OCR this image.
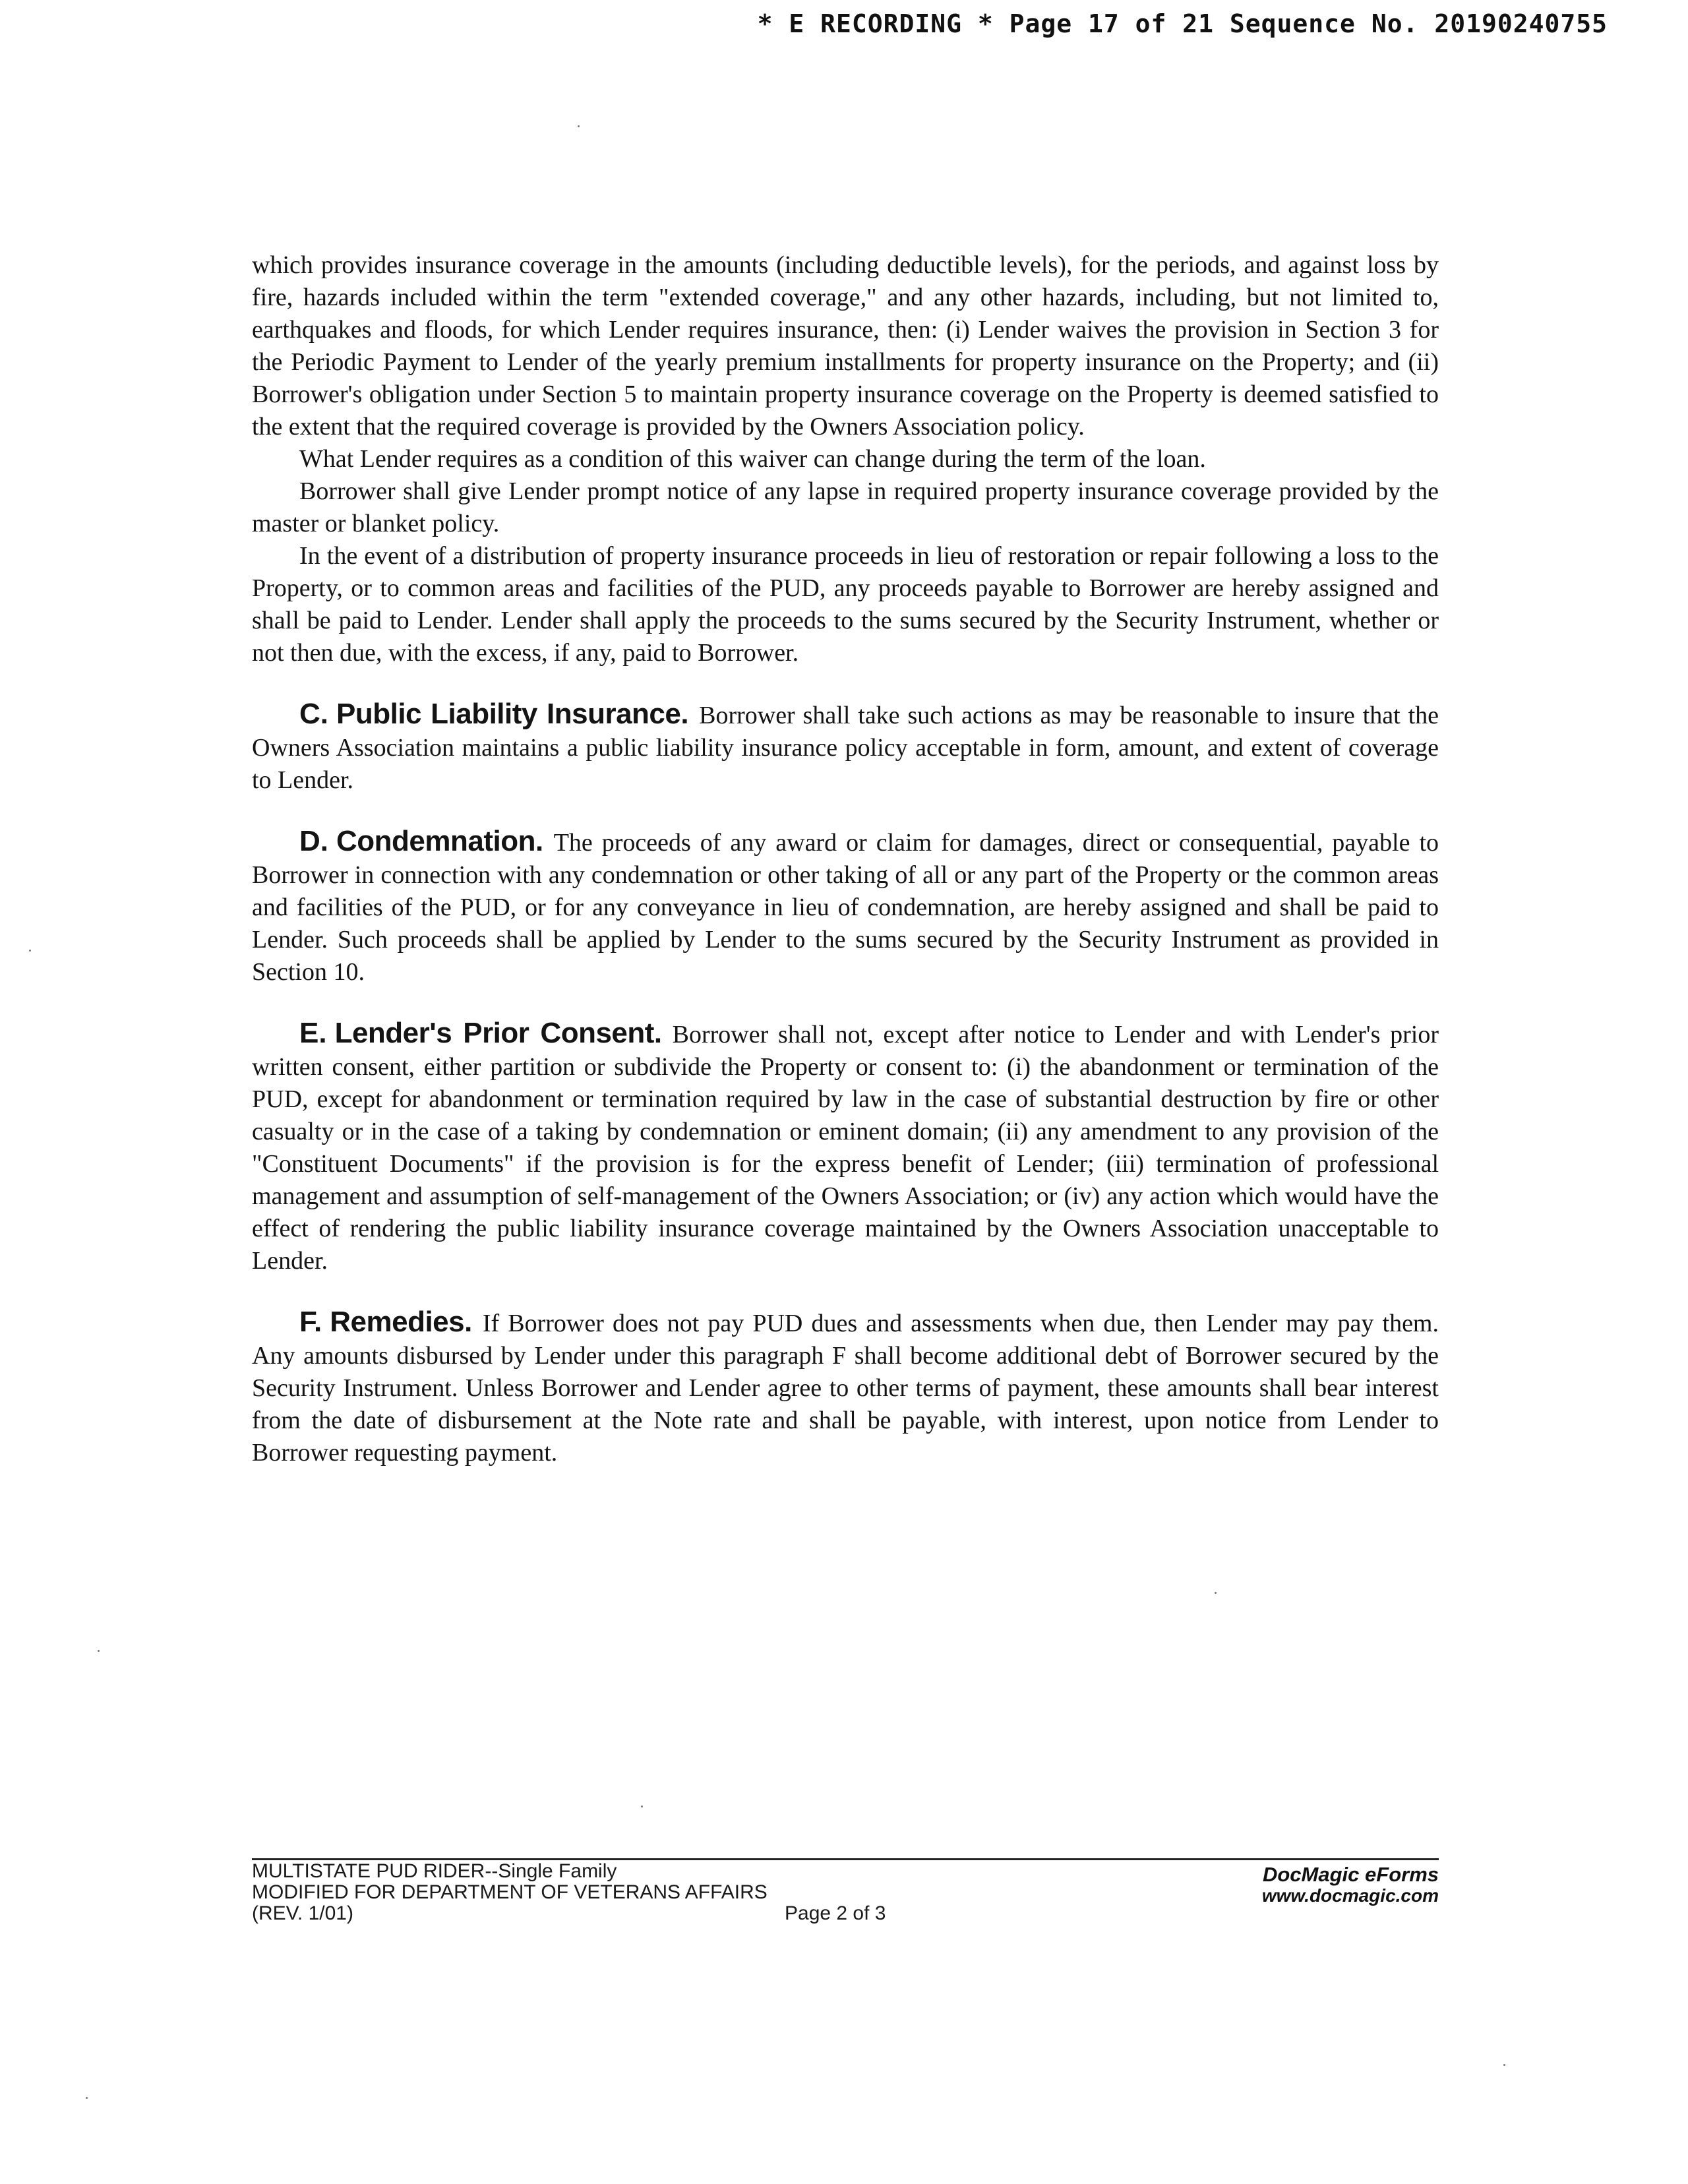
* E RECORDING * Page 17 of 21 Sequence No. 20190240755

which provides insurance coverage in the amounts (including deductible levels), for the periods, and against loss by fire, hazards included within the term "extended coverage," and any other hazards, including, but not limited to, earthquakes and floods, for which Lender requires insurance, then: (i) Lender waives the provision in Section 3 for the Periodic Payment to Lender of the yearly premium installments for property insurance on the Property; and (ii) Borrower's obligation under Section 5 to maintain property insurance coverage on the Property is deemed satisfied to the extent that the required coverage is provided by the Owners Association policy.

What Lender requires as a condition of this waiver can change during the term of the loan.

Borrower shall give Lender prompt notice of any lapse in required property insurance coverage provided by the master or blanket policy.

In the event of a distribution of property insurance proceeds in lieu of restoration or repair following a loss to the Property, or to common areas and facilities of the PUD, any proceeds payable to Borrower are hereby assigned and shall be paid to Lender. Lender shall apply the proceeds to the sums secured by the Security Instrument, whether or not then due, with the excess, if any, paid to Borrower.

C. Public Liability Insurance. Borrower shall take such actions as may be reasonable to insure that the Owners Association maintains a public liability insurance policy acceptable in form, amount, and extent of coverage to Lender.

D. Condemnation. The proceeds of any award or claim for damages, direct or consequential, payable to Borrower in connection with any condemnation or other taking of all or any part of the Property or the common areas and facilities of the PUD, or for any conveyance in lieu of condemnation, are hereby assigned and shall be paid to Lender. Such proceeds shall be applied by Lender to the sums secured by the Security Instrument as provided in Section 10.

E. Lender's Prior Consent. Borrower shall not, except after notice to Lender and with Lender's prior written consent, either partition or subdivide the Property or consent to: (i) the abandonment or termination of the PUD, except for abandonment or termination required by law in the case of substantial destruction by fire or other casualty or in the case of a taking by condemnation or eminent domain; (ii) any amendment to any provision of the "Constituent Documents" if the provision is for the express benefit of Lender; (iii) termination of professional management and assumption of self-management of the Owners Association; or (iv) any action which would have the effect of rendering the public liability insurance coverage maintained by the Owners Association unacceptable to Lender.

F. Remedies. If Borrower does not pay PUD dues and assessments when due, then Lender may pay them. Any amounts disbursed by Lender under this paragraph F shall become additional debt of Borrower secured by the Security Instrument. Unless Borrower and Lender agree to other terms of payment, these amounts shall bear interest from the date of disbursement at the Note rate and shall be payable, with interest, upon notice from Lender to Borrower requesting payment.

MULTISTATE PUD RIDER--Single Family
MODIFIED FOR DEPARTMENT OF VETERANS AFFAIRS
(REV. 1/01)	Page 2 of 3
DocMagic eForms
www.docmagic.com
